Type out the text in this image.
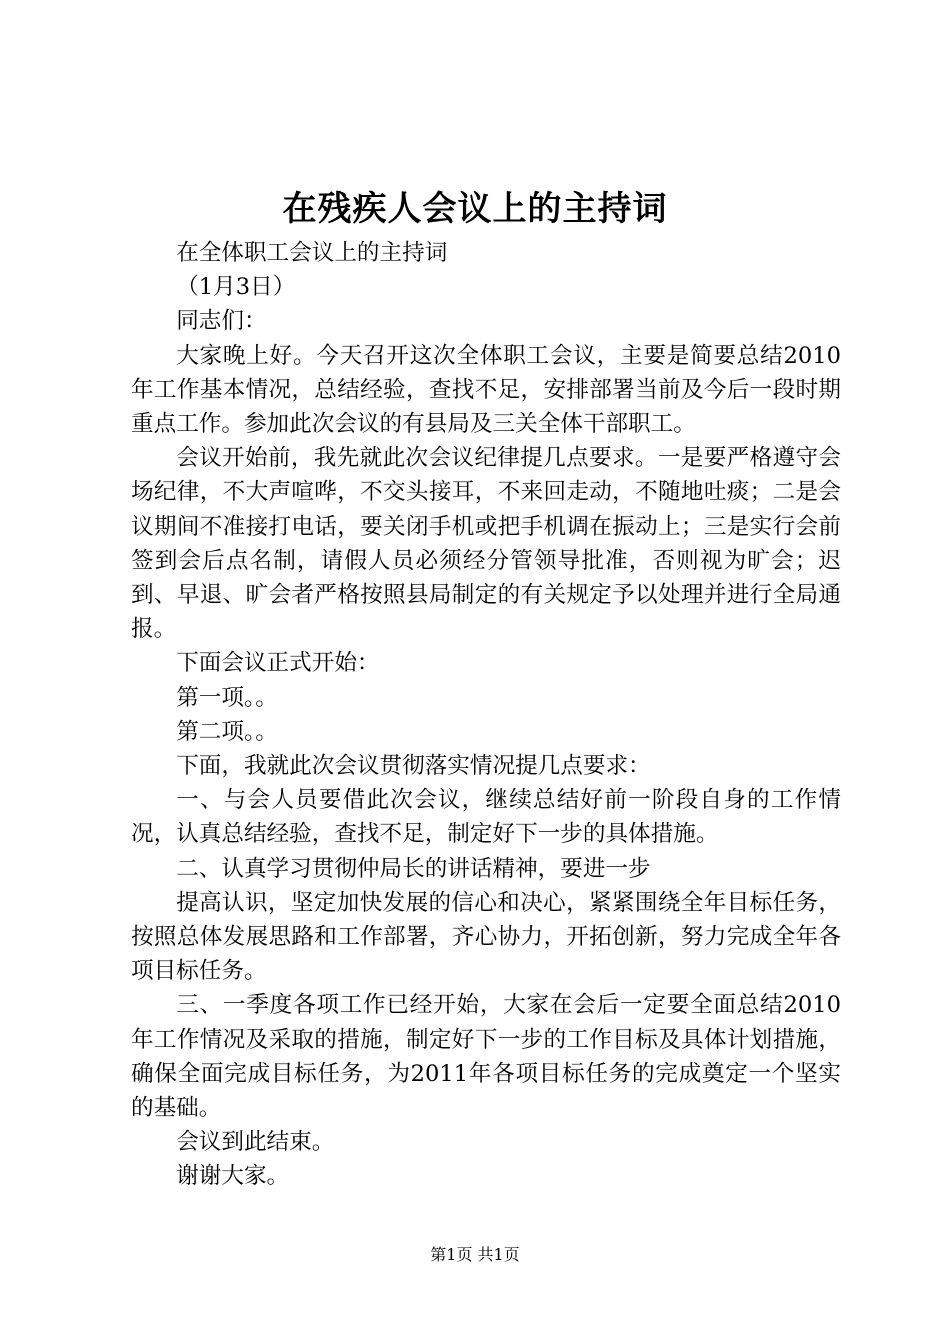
在残疾人会议上的主持词

在全体职工会议上的主持词

（1月3日）

同志们：

大家晚上好。今天召开这次全体职工会议，主要是简要总结2010年工作基本情况，总结经验，查找不足，安排部署当前及今后一段时期重点工作。参加此次会议的有县局及三关全体干部职工。

会议开始前，我先就此次会议纪律提几点要求。一是要严格遵守会场纪律，不大声喧哗，不交头接耳，不来回走动，不随地吐痰；二是会议期间不准接打电话，要关闭手机或把手机调在振动上；三是实行会前签到会后点名制，请假人员必须经分管领导批准，否则视为旷会；迟到、早退、旷会者严格按照县局制定的有关规定予以处理并进行全局通报。

下面会议正式开始：

第一项。。

第二项。。

下面，我就此次会议贯彻落实情况提几点要求：

一、与会人员要借此次会议，继续总结好前一阶段自身的工作情况，认真总结经验，查找不足，制定好下一步的具体措施。

二、认真学习贯彻仲局长的讲话精神，要进一步

提高认识，坚定加快发展的信心和决心，紧紧围绕全年目标任务，按照总体发展思路和工作部署，齐心协力，开拓创新，努力完成全年各项目标任务。

三、一季度各项工作已经开始，大家在会后一定要全面总结2010年工作情况及采取的措施，制定好下一步的工作目标及具体计划措施，确保全面完成目标任务，为2011年各项目标任务的完成奠定一个坚实的基础。

会议到此结束。

谢谢大家。

第1页 共1页
